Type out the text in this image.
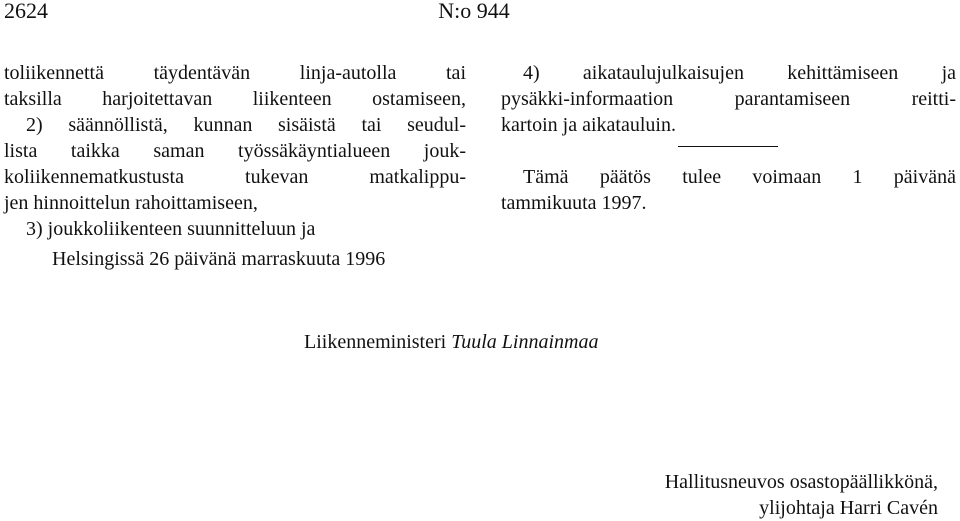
2624	N:o 944
toliikennettä täydentävän linja-autolla tai
taksilla harjoitettavan liikenteen ostamiseen,
2) säännöllistä, kunnan sisäistä tai seudul-
lista taikka saman työssäkäyntialueen jouk-
koliikennematkustusta tukevan matkalippu-
jen hinnoittelun rahoittamiseen,
3) joukkoliikenteen suunnitteluun ja
4) aikataulujulkaisujen kehittämiseen ja
pysäkki-informaation parantamiseen reitti-
kartoin ja aikatauluin.
Tämä päätös tulee voimaan 1 päivänä
tammikuuta 1997.
Helsingissä 26 päivänä marraskuuta 1996
Liikenneministeri Tuula Linnainmaa
Hallitusneuvos osastopäällikkönä,
ylijohtaja Harri Cavén
